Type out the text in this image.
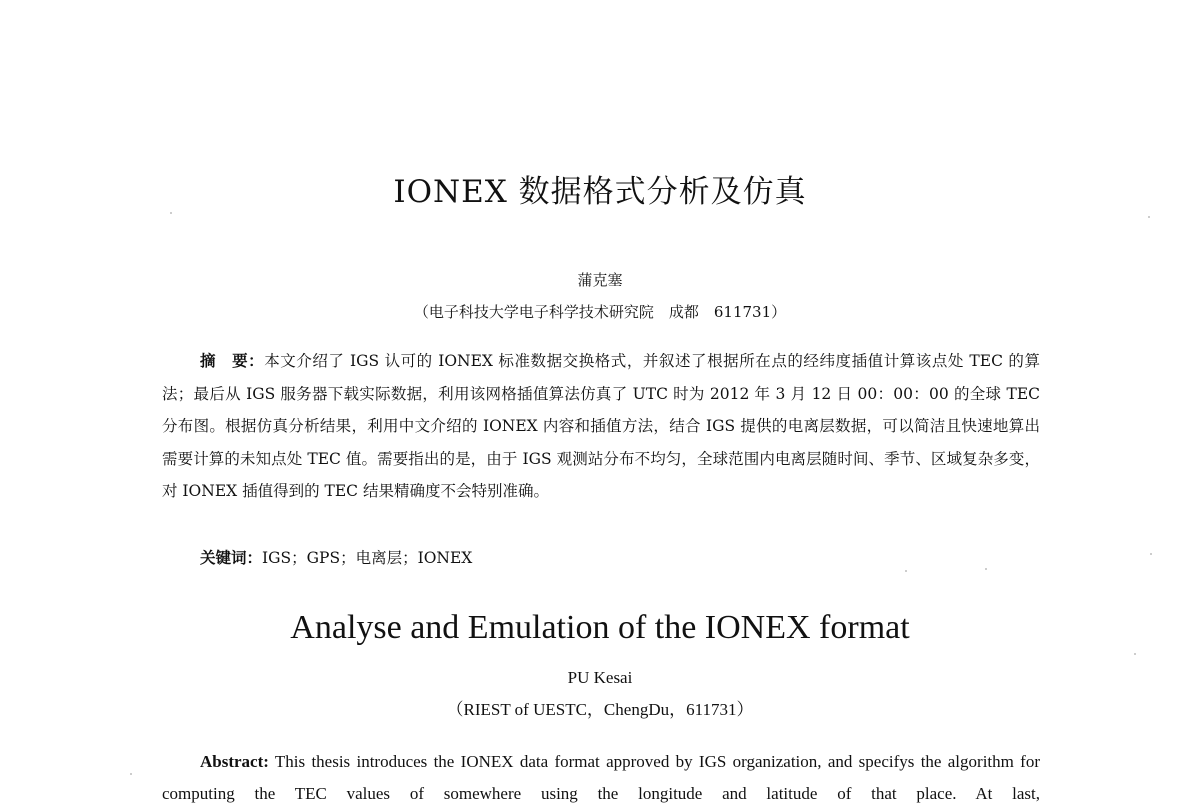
IONEX 数据格式分析及仿真
蒲克塞
（电子科技大学电子科学技术研究院　成都　611731）

摘　要：本文介绍了 IGS 认可的 IONEX 标准数据交换格式，并叙述了根据所在点的经纬度插值计算该点处 TEC 的算法；最后从 IGS 服务器下载实际数据，利用该网格插值算法仿真了 UTC 时为 2012 年 3 月 12 日 00：00：00 的全球 TEC 分布图。根据仿真分析结果，利用中文介绍的 IONEX 内容和插值方法，结合 IGS 提供的电离层数据，可以简洁且快速地算出需要计算的未知点处 TEC 值。需要指出的是，由于 IGS 观测站分布不均匀，全球范围内电离层随时间、季节、区域复杂多变，对 IONEX 插值得到的 TEC 结果精确度不会特别准确。

关键词：IGS；GPS；电离层；IONEX
Analyse and Emulation of the IONEX format
PU Kesai
（RIEST of UESTC，ChengDu，611731）

Abstract: This thesis introduces the IONEX data format approved by IGS organization, and specifys the algorithm for computing the TEC values of somewhere using the longitude and latitude of that place. At last,
